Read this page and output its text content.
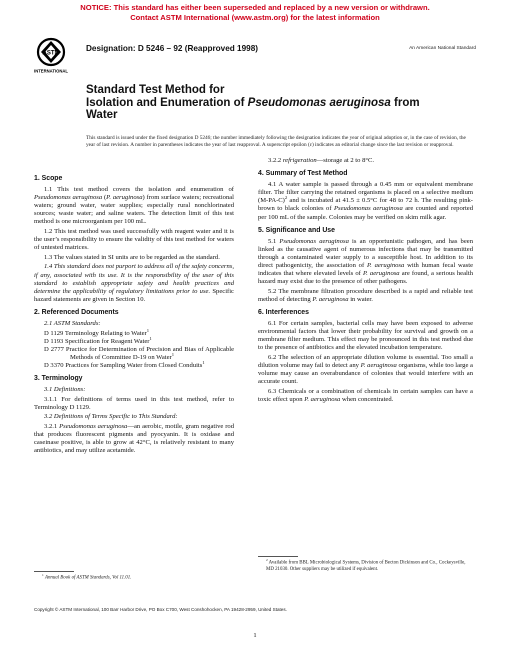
NOTICE: This standard has either been superseded and replaced by a new version or withdrawn.
Contact ASTM International (www.astm.org) for the latest information
ASTM
INTERNATIONAL
Designation: D 5246 – 92 (Reapproved 1998)	An American National Standard
Standard Test Method for
Isolation and Enumeration of Pseudomonas aeruginosa from
Water
This standard is issued under the fixed designation D 5246; the number immediately following the designation indicates the year of original adoption or, in the case of revision, the year of last revision. A number in parentheses indicates the year of last reapproval. A superscript epsilon (ε) indicates an editorial change since the last revision or reapproval.
1. Scope

1.1 This test method covers the isolation and enumeration of Pseudomonas aeruginosa (P. aeruginosa) from surface waters; recreational waters; ground water, water supplies; especially rural nonchlorinated sources; waste water; and saline waters. The detection limit of this test method is one microorganism per 100 mL.

1.2 This test method was used successfully with reagent water and it is the user’s responsibility to ensure the validity of this test method for waters of untested matrices.

1.3 The values stated in SI units are to be regarded as the standard.

1.4 This standard does not purport to address all of the safety concerns, if any, associated with its use. It is the responsibility of the user of this standard to establish appropriate safety and health practices and determine the applicability of regulatory limitations prior to use. Specific hazard statements are given in Section 10.

2. Referenced Documents

2.1 ASTM Standards:

D 1129 Terminology Relating to Water$^1$
D 1193 Specification for Reagent Water$^1$
D 2777 Practice for Determination of Precision and Bias of Applicable Methods of Committee D-19 on Water$^1$
D 3370 Practices for Sampling Water from Closed Conduits$^1$
3. Terminology

3.1 Definitions:

3.1.1 For definitions of terms used in this test method, refer to Terminology D 1129.

3.2 Definitions of Terms Specific to This Standard:

3.2.1 Pseudomonas aeruginosa—an aerobic, motile, gram negative rod that produces fluorescent pigments and pyocyanin. It is oxidase and caseinase positive, is able to grow at 42°C, is relatively resistant to many antibiotics, and may utilize acetamide.

$^1$ Annual Book of ASTM Standards, Vol 11.01.

3.2.2 refrigeration—storage at 2 to 8°C.

4. Summary of Test Method

4.1 A water sample is passed through a 0.45 mm or equivalent membrane filter. The filter carrying the retained organisms is placed on a selective medium $(M-PA-C)^2$ and is incubated at 41.5 ± 0.5°C for 48 to 72 h. The resulting pink-brown to black colonies of Pseudomonas aeruginosa are counted and reported per 100 mL of the sample. Colonies may be verified on skim milk agar.

5. Significance and Use

5.1 Pseudomonas aeruginosa is an opportunistic pathogen, and has been linked as the causative agent of numerous infections that may be transmitted through a contaminated water supply to a susceptible host. In addition to its direct pathogenicity, the association of P. aeruginosa with human fecal waste indicates that where elevated levels of P. aeruginosa are found, a serious health hazard may exist due to the presence of other pathogens.

5.2 The membrane filtration procedure described is a rapid and reliable test method of detecting P. aeruginosa in water.

6. Interferences

6.1 For certain samples, bacterial cells may have been exposed to adverse environmental factors that lower their probability for survival and growth on a membrane filter medium. This effect may be pronounced in this test method due to the presence of antibiotics and the elevated incubation temperature.

6.2 The selection of an appropriate dilution volume is essential. Too small a dilution volume may fail to detect any P. aeruginosa organisms, while too large a volume may cause an overabundance of colonies that would interfere with an accurate count.

6.3 Chemicals or a combination of chemicals in certain samples can have a toxic effect upon P. aeruginosa when concentrated.

$^2$ Available from BBL Microbiological Systems, Division of Becton Dickinson and Co., Cockeysville, MD 21030. Other suppliers may be utilized if equivalent.
Copyright © ASTM International, 100 Barr Harbor Drive, PO Box C700, West Conshohocken, PA 19428-2959, United States.
1
